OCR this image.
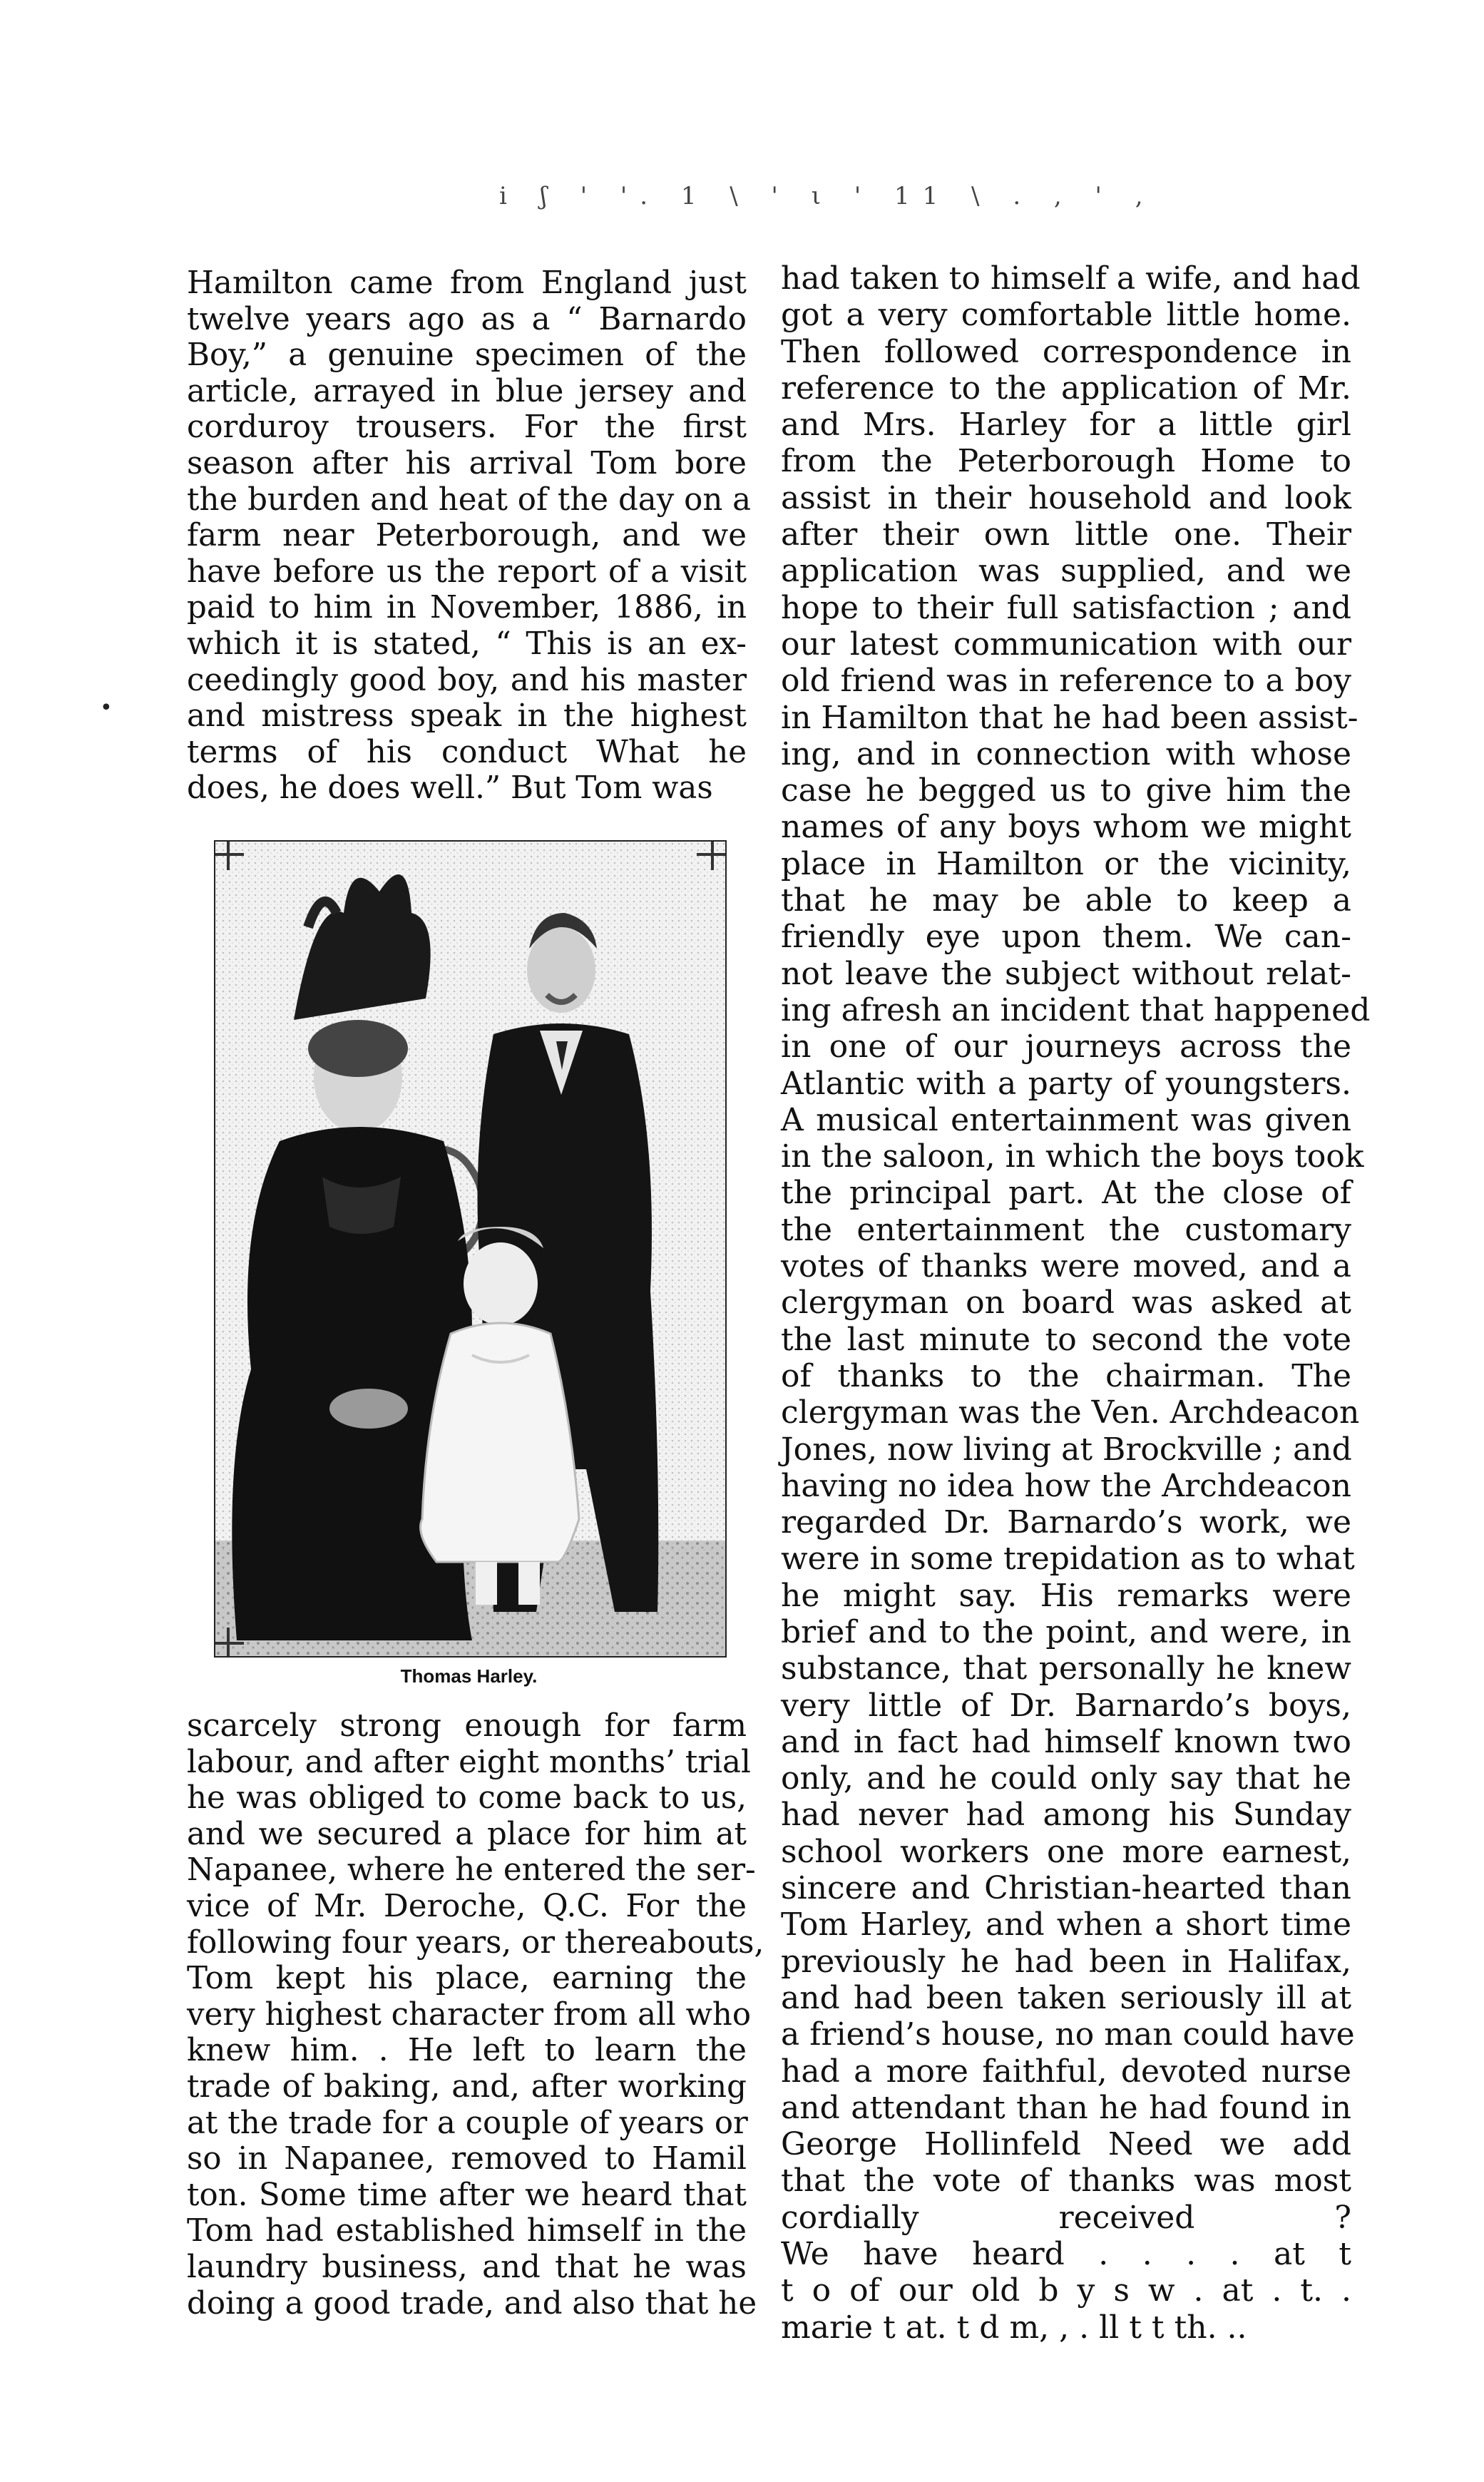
i ʃ ' '. 1 \ ' ι ' 11 \ . , ' ,
Hamilton came from England just
twelve years ago as a “ Barnardo
Boy,” a genuine specimen of the
article, arrayed in blue jersey and
corduroy trousers. For the first
season after his arrival Tom bore
the burden and heat of the day on a
farm near Peterborough, and we
have before us the report of a visit
paid to him in November, 1886, in
which it is stated, “ This is an ex-
ceedingly good boy, and his master
and mistress speak in the highest
terms of his conduct What he
does, he does well.” But Tom was
Thomas Harley.
scarcely strong enough for farm
labour, and after eight months’ trial
he was obliged to come back to us,
and we secured a place for him at
Napanee, where he entered the ser-
vice of Mr. Deroche, Q.C. For the
following four years, or thereabouts,
Tom kept his place, earning the
very highest character from all who
knew him. . He left to learn the
trade of baking, and, after working
at the trade for a couple of years or
so in Napanee, removed to Hamil
ton. Some time after we heard that
Tom had established himself in the
laundry business, and that he was
doing a good trade, and also that he
had taken to himself a wife, and had
got a very comfortable little home.
Then followed correspondence in
reference to the application of Mr.
and Mrs. Harley for a little girl
from the Peterborough Home to
assist in their household and look
after their own little one. Their
application was supplied, and we
hope to their full satisfaction ; and
our latest communication with our
old friend was in reference to a boy
in Hamilton that he had been assist-
ing, and in connection with whose
case he begged us to give him the
names of any boys whom we might
place in Hamilton or the vicinity,
that he may be able to keep a
friendly eye upon them. We can-
not leave the subject without relat-
ing afresh an incident that happened
in one of our journeys across the
Atlantic with a party of youngsters.
A musical entertainment was given
in the saloon, in which the boys took
the principal part. At the close of
the entertainment the customary
votes of thanks were moved, and a
clergyman on board was asked at
the last minute to second the vote
of thanks to the chairman. The
clergyman was the Ven. Archdeacon
Jones, now living at Brockville ; and
having no idea how the Archdeacon
regarded Dr. Barnardo’s work, we
were in some trepidation as to what
he might say. His remarks were
brief and to the point, and were, in
substance, that personally he knew
very little of Dr. Barnardo’s boys,
and in fact had himself known two
only, and he could only say that he
had never had among his Sunday
school workers one more earnest,
sincere and Christian-hearted than
Tom Harley, and when a short time
previously he had been in Halifax,
and had been taken seriously ill at
a friend’s house, no man could have
had a more faithful, devoted nurse
and attendant than he had found in
George Hollinfeld Need we add
that the vote of thanks was most
cordially received ?
We have heard . . . . at t
t o of our old b y s w . at . t. .
marie t at. t d m, , . ll t t th. ..
•
